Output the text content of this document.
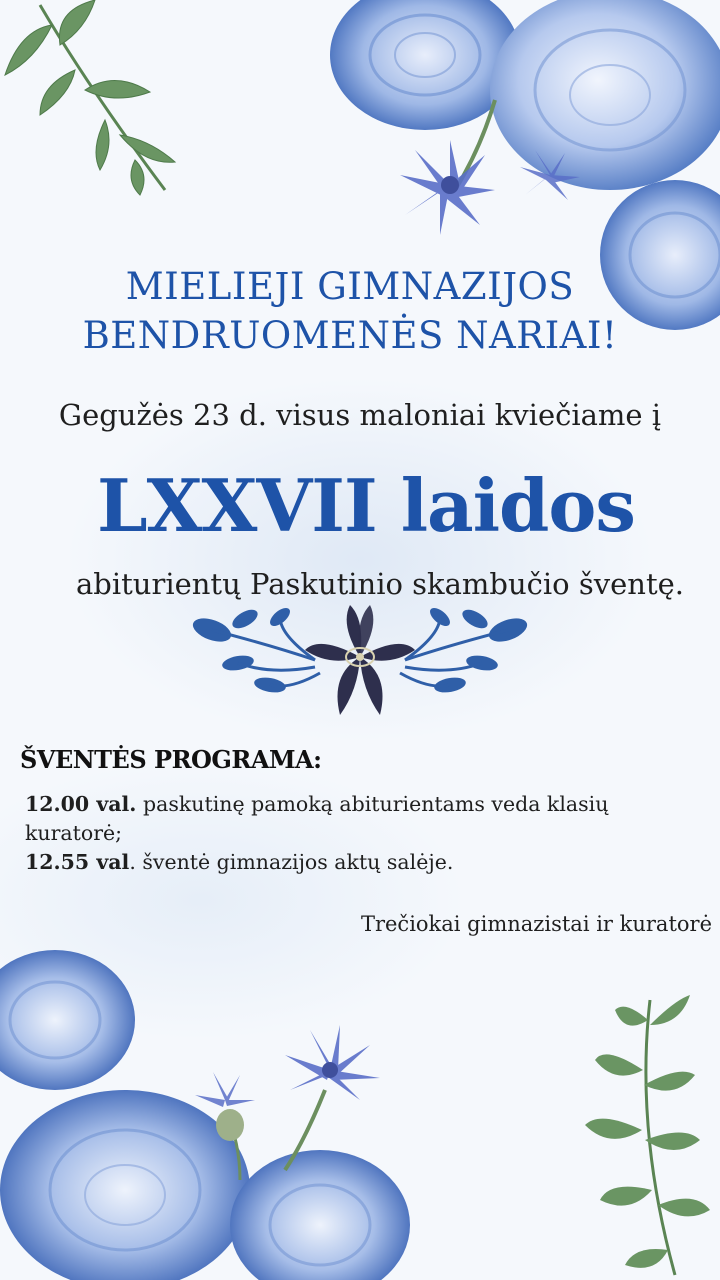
MIELIEJI GIMNAZIJOS
BENDRUOMENĖS NARIAI!
Gegužės 23 d. visus maloniai kviečiame į
LXXVII laidos
abiturientų Paskutinio skambučio šventę.
ŠVENTĖS PROGRAMA:
12.00 val. paskutinę pamoką abiturientams veda klasių kuratorė;
12.55 val. šventė gimnazijos aktų salėje.
Trečiokai gimnazistai ir kuratorė
